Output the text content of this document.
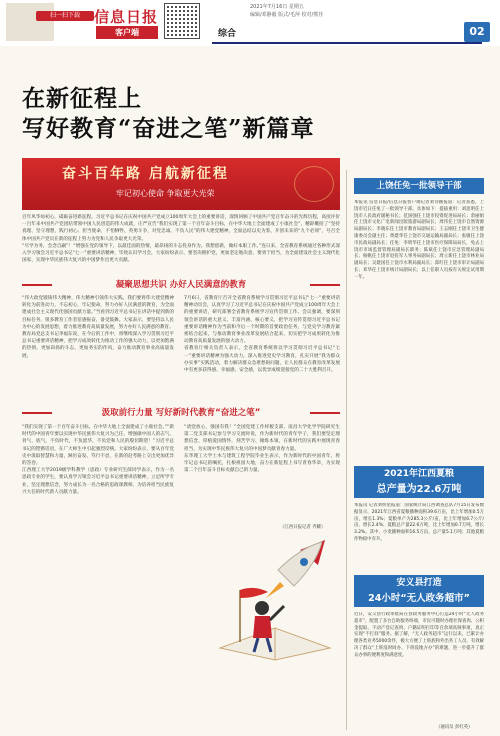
扫一扫下载 信息日报
客户端
2021年7月16日 星期五
编辑/邓静毅 版式/毛萍 校对/熊佳
综合	02
在新征程上
写好教育“奋进之笔”新篇章
奋斗百年路 启航新征程
牢记初心使命 争取更大光荣

百年风华如初心，砥砺奋进新征程。习近平总书记在庆祝中国共产党成立100周年大会上的重要讲话，深情回顾了中国共产党百年奋斗的光辉历程，高度评价一百年来中国共产党团结带领中国人民创造的伟大成就，庄严宣告“我们实现了第一个百年奋斗目标，在中华大地上全面建成了小康社会”，精辟概括了“坚持真理、坚守理想，践行初心、担当使命，不怕牺牲、英勇斗争，对党忠诚、不负人民”的伟大建党精神，全面总结以史为鉴、开创未来的“九个必须”，号召全体中国共产党员在新的征程上努力为党和人民争取更大光荣。

“尽学为务，会念自嗣”！“增强在党的领导下，以最佳面的热情，最昂扬的斗志投身作为。我想创新，做好本职工作。”连日来，全省教育系统通过各种形式深入学习领会习近平总书记“七一”重要讲话精神，毕致认识学习会，大家纷纷表示，要坚决拥护党，更加坚定地决意，要勇于担当，为全面建设社会主义现代化国家、实现中华民族伟大复兴的中国梦作出更大贡献。

凝聚思想共识 办好人民满意的教育

“伟大政党锻铸伟大精神，伟大精神引领伟大实践。我们要将伟大建党精神转化为前进动力，不忘初心，牢记使命，努力办好人民满意的教育，为全面建成社会主义现代化强国贡献力量。”当看到习近平总书记在讲话中提到新的目标任务，很多教育工作者倍感振奋、备受鼓舞。大家表示，要坚持以人民为中心的发展思想，着力推进教育高质量发展，努力办好人民满意的教育。

教育局党总支书记李福东说，在今后的工作中，将继续深入学习贯彻习近平总书记重要讲话精神，把学习成效转化为推动工作的强大动力，以更加饱满的热情、更加昂扬的斗志、更加务实的作风，奋力推动教育事业高质量发展。

7月6日，省教育厅召开全省教育系统学习贯彻习近平总书记“七一”重要讲话精神动员会，认真学习了习近平总书记在庆祝中国共产党成立100周年大会上的重要讲话，研究部署全省教育系统学习宣传贯彻工作。会议强调，要深刻领会讲话的重大意义、丰富内涵、核心要义，把学习宣传贯彻习近平总书记重要讲话精神作为当前和今后一个时期的首要政治任务，与党史学习教育紧密结合起来，与推动教育事业改革发展结合起来，切实把学习成果转化为推动教育高质量发展的强大动力。

省教育厅相关负责人表示，全省教育系统将以学习贯彻习近平总书记“七一”重要讲话精神为强大动力，深入推进党史学习教育，扎实开展“我为群众办实事”实践活动，着力解决群众急难愁盼问题，让人民群众在教育改革发展中有更多获得感、幸福感、安全感，以优异成绩迎接党的二十大胜利召开。

汲取前行力量 写好新时代教育“奋进之笔”

“我们实现了第一个百年奋斗目标，在中华大地上全面建成了小康社会。”“新时代的中国青年要以实现中华民族伟大复兴为己任，增强做中国人的志气、骨气、底气，不负时代，不负韶华，不负党和人民的殷切期望！”习近平总书记的铿锵话语，在广大师生中引起强烈反响。大家纷纷表示，要从百年党史中汲取智慧和力量，踔厉奋发、笃行不怠，在新的赶考路上交出更加优异的答卷。

江西理工大学2019级学科教学（思政）专业研究生薛同学表示，作为一名思政专业的学生，要认真学习领会习近平总书记重要讲话精神，立足所学专业，坚定理想信念，努力成长为一名合格的思政课教师，为培养担当民族复兴大任的时代新人贡献力量。

“请党放心，强国有我！”全国党建工作样板支部、南昌大学化学学院研究生第二党支部书记参与学习交流时说，作为新时代的青年学子，我们要坚定理想信念，厚植爱国情怀，刻苦学习、锤炼本领，在新时代的实践中展现青春担当，为实现中华民族伟大复兴的中国梦贡献青春力量。

东华理工大学土木与建筑工程学院毕业生表示，作为新时代的中国青年，将牢记总书记的嘱托，扎根祖国大地，奋力在新征程上书写青春华章，为实现第二个百年奋斗目标贡献自己的力量。

（江西日报记者 齐耀）
上饶任免一批领导干部
本报讯 信息日报/信息日报客户端记者刘诗颖报道：记者获悉，上饶市近日任免了一批领导干部。具体如下：提拔重用：刘思明任上饶市人民政府副秘书长；范国强任上饶市投资促进局局长；余丽娟任上饶市文化广电新闻出版旅游局副局长；周伟任上饶市自然资源局副局长；李晓东任上饶市教育局副局长；王志刚任上饶市卫生健康委员会副主任；黄建华任上饶市交通运输局副局长；张敏任上饶市民政局副局长；任免：李明华任上饶市医疗保障局局长，免去上饶市市场监督管理局副局长职务；陈斌任上饶市应急管理局副局长；杨帆任上饶市退役军人事务局副局长；周立新任上饶市林业局副局长；吴建国任上饶市水利局副局长；郑红任上饶市审计局副局长；邓华任上饶市统计局副局长；以上任职人员按有关规定试用期一年。
2021年江西夏粮
总产量为22.6万吨
本报讯 记者刘明星报道：国家统计局江西调查总队7月15日发布数据显示，2021年江西省夏粮播种面积39.6万亩，比上年增加0.5万亩，增长1.3%；夏粮单产为285.3公斤/亩，比上年增加6.7公斤/亩，增长2.4%；夏粮总产量22.6万吨，比上年增加0.7万吨，增长3.2%。其中，小麦播种面积16.5万亩，总产量5.1万吨；其他夏粮作物稳中有升。
安义县打造
24小时“无人政务超市”
近日，安义县行政审批局在县政务服务中心打造24小时“无人政务超市”，配置了多台自助服务终端，市民可随时办理社保查询、公积金提取、不动产登记查询、户籍证明打印等百余项高频事项，真正实现“不打烊”服务。据了解，“无人政务超市”运行以来，已累计办理各类业务5000余件，极大方便了上班族和外出务工人员，有效解决了群众“上班没时间办、下班没地方办”的难题，进一步提升了群众办事的便利度和满意度。
（通讯员 彭红英）
